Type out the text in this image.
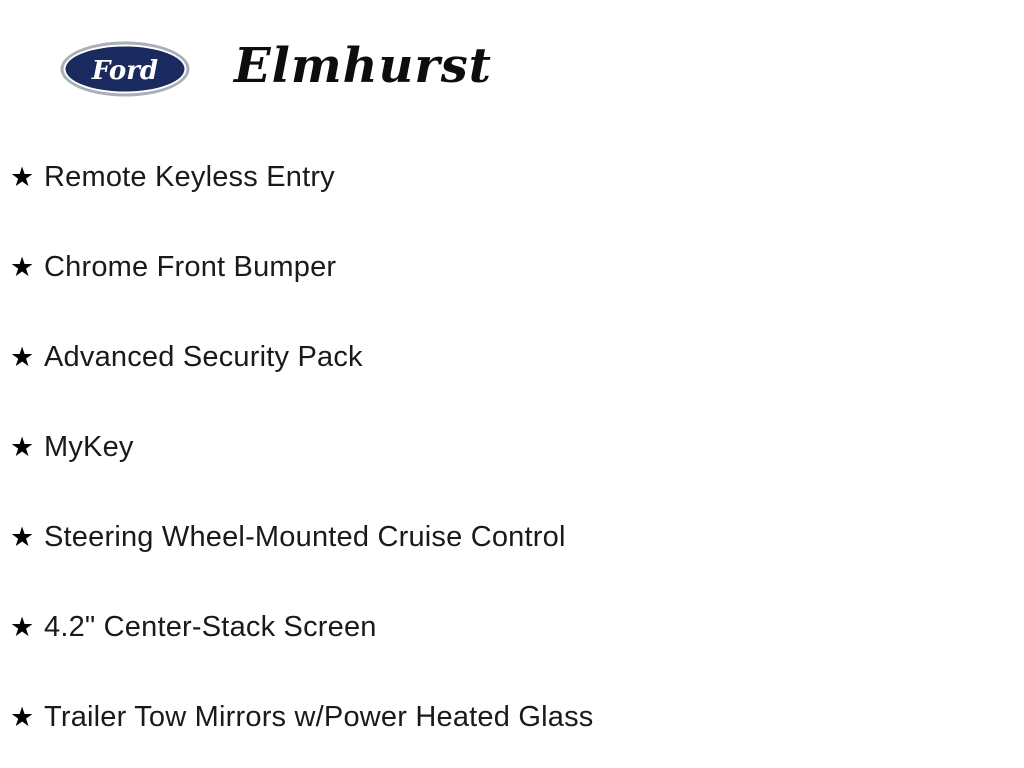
Ford Elmhurst
★ Remote Keyless Entry
★ Chrome Front Bumper
★ Advanced Security Pack
★ MyKey
★ Steering Wheel-Mounted Cruise Control
★ 4.2" Center-Stack Screen
★ Trailer Tow Mirrors w/Power Heated Glass
